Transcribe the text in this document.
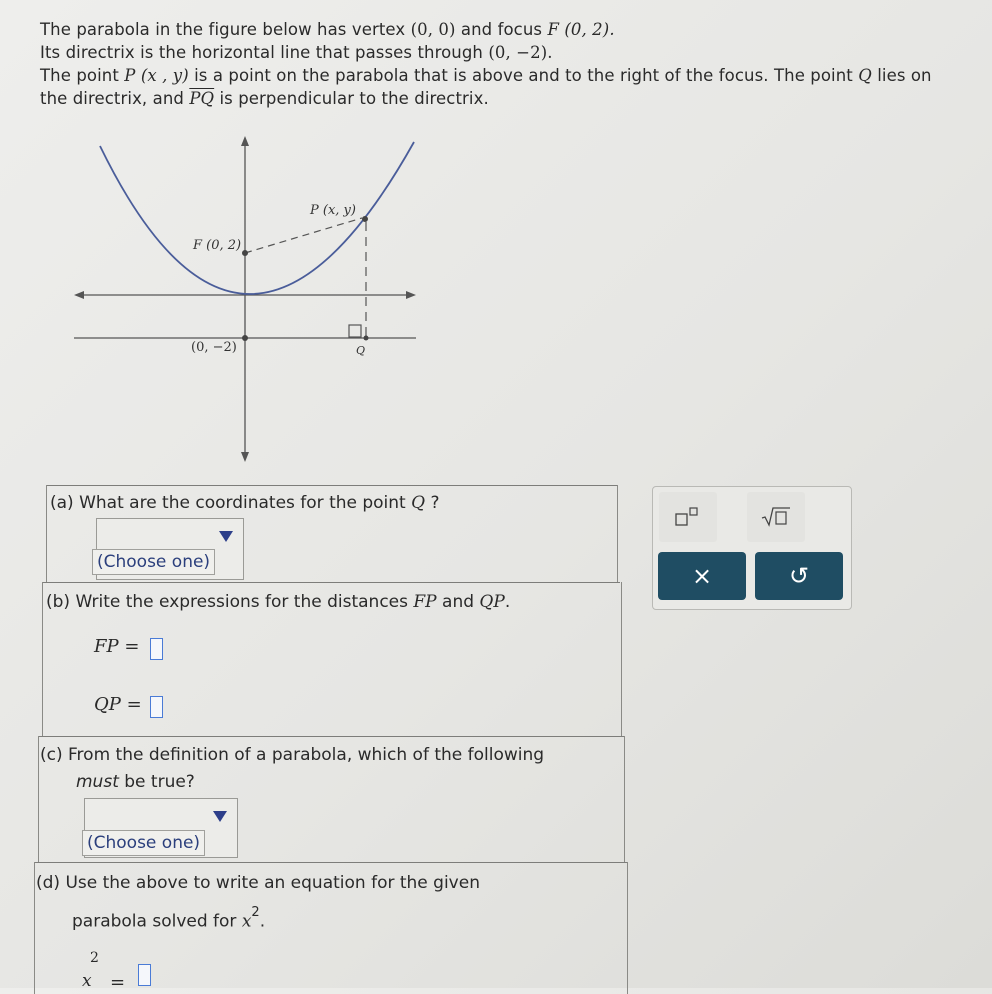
The parabola in the figure below has vertex (0, 0) and focus F (0, 2).
Its directrix is the horizontal line that passes through (0, −2).
The point P (x , y) is a point on the parabola that is above and to the right of the focus. The point Q lies on
the directrix, and $\overline{PQ}$ is perpendicular to the directrix.
P (x, y)
F (0, 2)
(0, −2)	Q
(a) What are the coordinates for the point Q ?
(Choose one)
(b) Write the expressions for the distances FP and QP.
FP =
QP =
(c) From the definition of a parabola, which of the following
must be true?
(Choose one)
(d) Use the above to write an equation for the given
parabola solved for $x^2$.
x
2
=
×	↺
